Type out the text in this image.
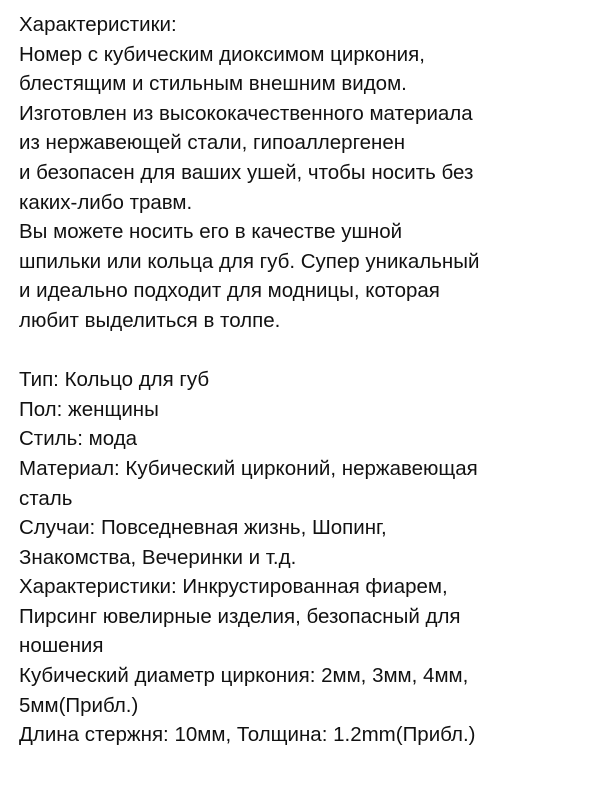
Характеристики:
Номер с кубическим диоксимом циркония,
блестящим и стильным внешним видом.
Изготовлен из высококачественного материала
из нержавеющей стали, гипоаллергенен
и безопасен для ваших ушей, чтобы носить без
каких-либо травм.
Вы можете носить его в качестве ушной
шпильки или кольца для губ. Супер уникальный
и идеально подходит для модницы, которая
любит выделиться в толпе.
Тип: Кольцо для губ
Пол: женщины
Стиль: мода
Материал: Кубический цирконий, нержавеющая
сталь
Случаи: Повседневная жизнь, Шопинг,
Знакомства, Вечеринки и т.д.
Характеристики: Инкрустированная фиарем,
Пирсинг ювелирные изделия, безопасный для
ношения
Кубический диаметр циркония: 2мм, 3мм, 4мм,
5мм(Прибл.)
Длина стержня: 10мм, Толщина: 1.2mm(Прибл.)
